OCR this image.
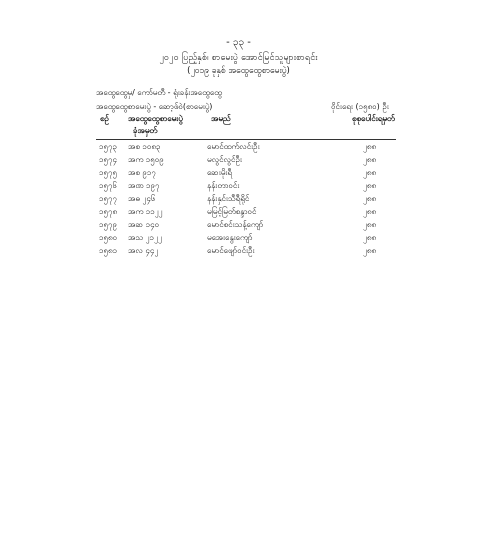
- ၃၃ -
၂၀၂၀ ပြည့်နှစ်၊ စာမေးပွဲ အောင်မြင်သူများစာရင်း
(၂၀၁၉ ခုနှစ် အထွေထွေစာမေးပွဲ)
အထွေထွေမှ/ ကော်မတီ - ရုံးခန်းအထွေထွေ
အထွေထွေစာမေးပွဲ - ဆော့ဖ်ဝဲ(စာမေးပွဲ)	ဝိုင်းရေး (၁၅၈၀) ဦး
စဉ် အထွေထွေစာမေးပွဲ
ခုံအမှတ်
အမည်	စုစုပေါင်းရမှတ်
၁၅၇၃ အစ ၁၀၈၃	မောင်ထက်လင်းဦး	၂၈၈
၁၅၇၄ အက ၁၅၀၉	မလွင်လွင်ဦး	၂၈၈
၁၅၇၅ အစ ၉၁၇	ဆေးမိုးရီ	၂၈၈
၁၅၇၆ အဏ ၁၉၇	နန်းတာဝင်း	၂၈၈
၁၅၇၇ အဓ ၂၄၆	နန်းနှင်းသီရီရိုင်	၂၈၈
၁၅၇၈ အက ၁၁၂၂	မမြင့်မြတ်စန္ဒာဝင်	၂၈၈
၁၅၇၉ အဆ ၁၄၀	မောင်စင်းသန့်ကျော်	၂၈၈
၁၅၈၀ အသ ၂၁၂၂	မအေးနွေးကျော်	၂၈၈
၁၅၈၁ အလ ၄၄၂	မောင်ဖျော်ဝင်းဦး	၂၈၈
